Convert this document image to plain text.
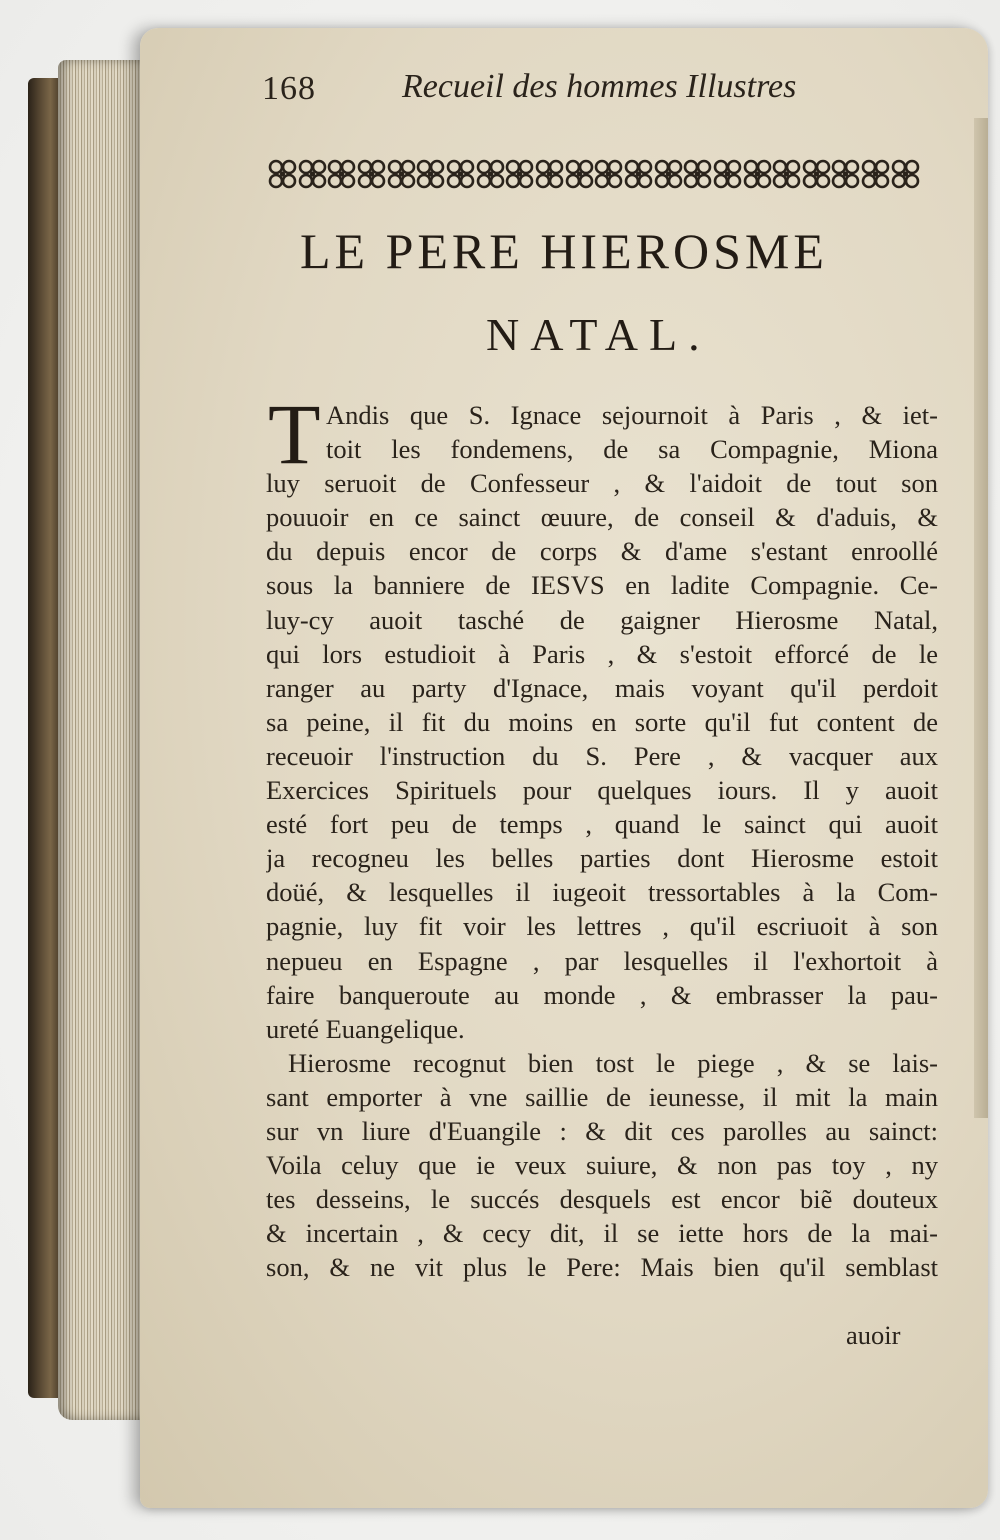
168	Recueil des hommes Illustres
LE PERE HIEROSME
NATAL.
T Andis que S. Ignace sejournoit à Paris , & iet-
toit les fondemens, de sa Compagnie, Miona
luy seruoit de Confesseur , & l'aidoit de tout son
pouuoir en ce sainct œuure, de conseil & d'aduis, &
du depuis encor de corps & d'ame s'estant enroollé
sous la banniere de IESVS en ladite Compagnie. Ce-
luy-cy auoit tasché de gaigner Hierosme Natal,
qui lors estudioit à Paris , & s'estoit efforcé de le
ranger au party d'Ignace, mais voyant qu'il perdoit
sa peine, il fit du moins en sorte qu'il fut content de
receuoir l'instruction du S. Pere , & vacquer aux
Exercices Spirituels pour quelques iours. Il y auoit
esté fort peu de temps , quand le sainct qui auoit
ja recogneu les belles parties dont Hierosme estoit
doüé, & lesquelles il iugeoit tressortables à la Com-
pagnie, luy fit voir les lettres , qu'il escriuoit à son
nepueu en Espagne , par lesquelles il l'exhortoit à
faire banqueroute au monde , & embrasser la pau-
ureté Euangelique.
Hierosme recognut bien tost le piege , & se lais-
sant emporter à vne saillie de ieunesse, il mit la main
sur vn liure d'Euangile : & dit ces parolles au sainct:
Voila celuy que ie veux suiure, & non pas toy , ny
tes desseins, le succés desquels est encor biẽ douteux
& incertain , & cecy dit, il se iette hors de la mai-
son, & ne vit plus le Pere: Mais bien qu'il semblast
auoir
